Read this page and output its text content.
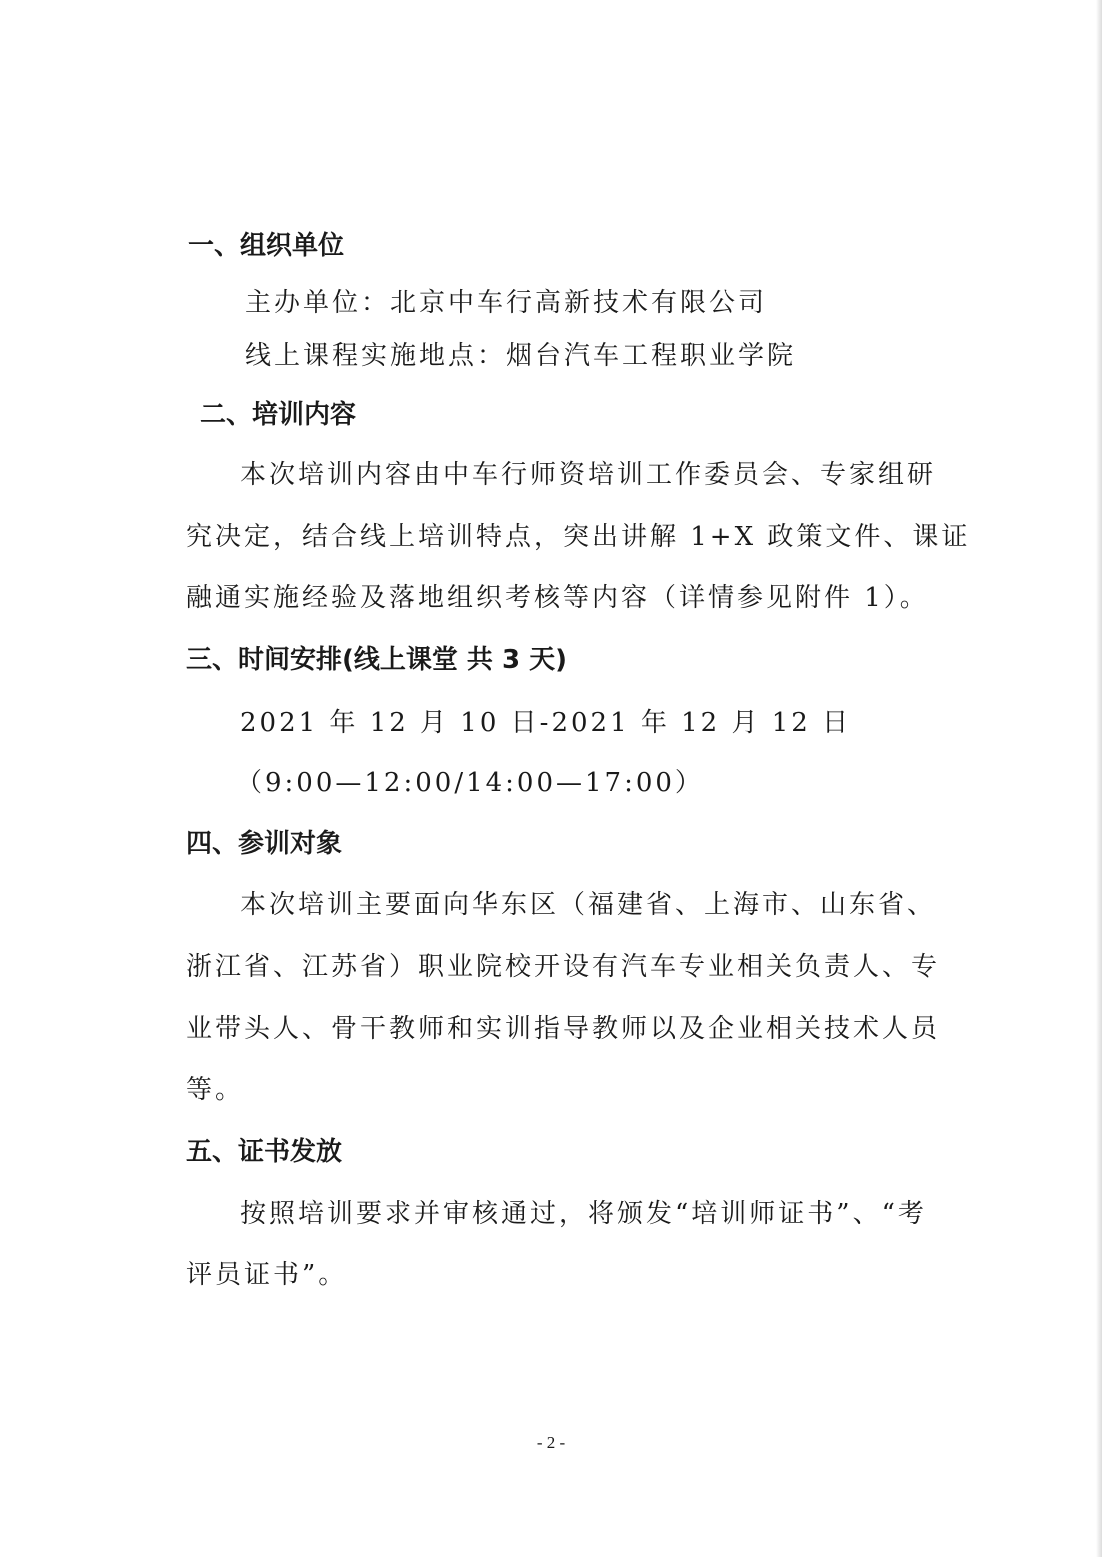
一、组织单位
主办单位：北京中车行高新技术有限公司
线上课程实施地点：烟台汽车工程职业学院
二、培训内容
本次培训内容由中车行师资培训工作委员会、专家组研
究决定，结合线上培训特点，突出讲解 1+X 政策文件、课证
融通实施经验及落地组织考核等内容（详情参见附件 1）。
三、时间安排(线上课堂 共 3 天)
2021 年 12 月 10 日-2021 年 12 月 12 日
（9:00—12:00/14:00—17:00）
四、参训对象
本次培训主要面向华东区（福建省、上海市、山东省、
浙江省、江苏省）职业院校开设有汽车专业相关负责人、专
业带头人、骨干教师和实训指导教师以及企业相关技术人员
等。
五、证书发放
按照培训要求并审核通过，将颁发“培训师证书”、“考
评员证书”。
- 2 -
